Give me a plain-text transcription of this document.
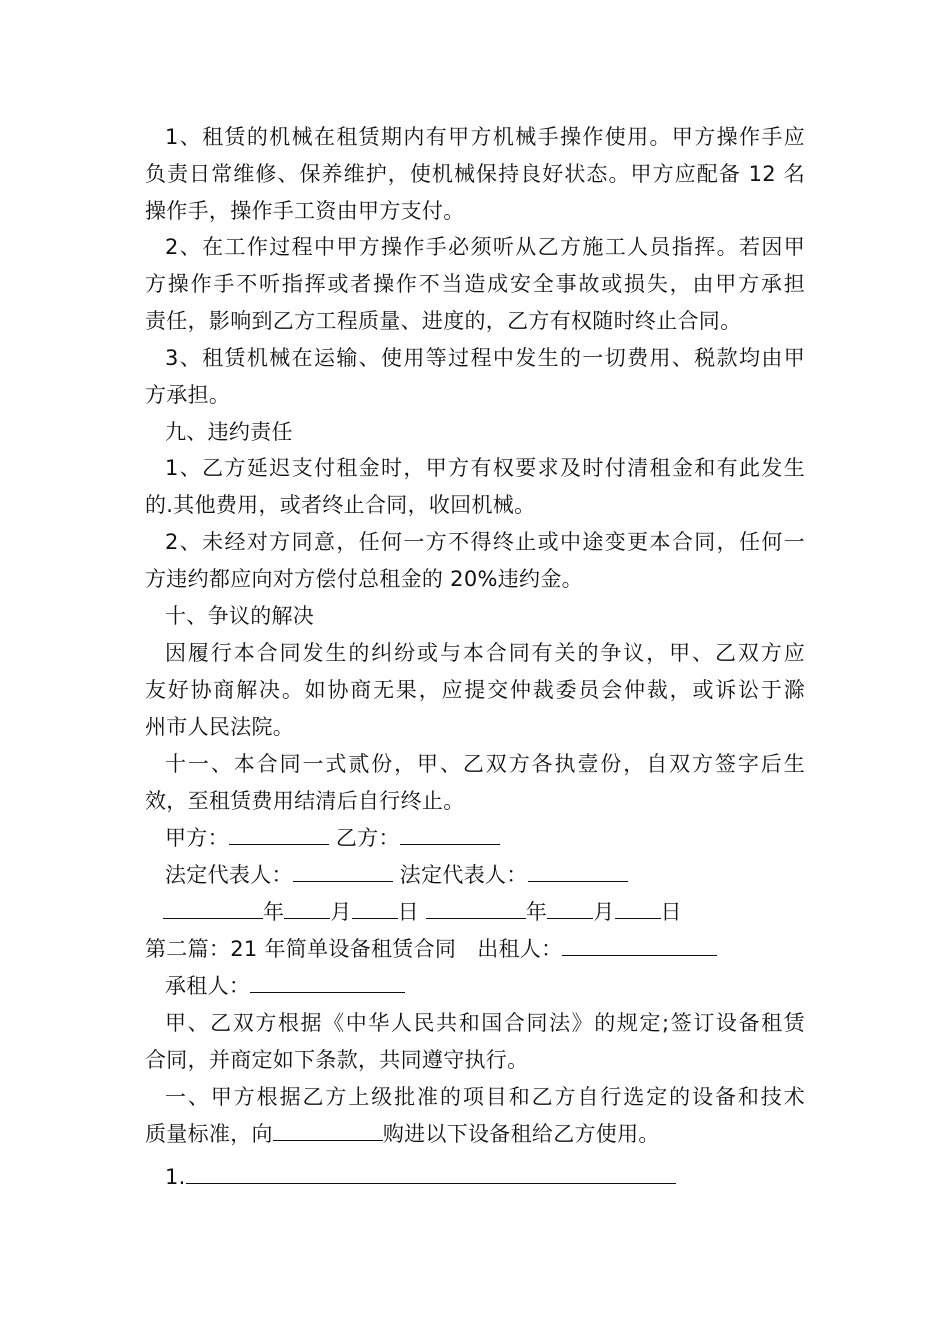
1、租赁的机械在租赁期内有甲方机械手操作使用。甲方操作手应
负责日常维修、保养维护，使机械保持良好状态。甲方应配备 12 名
操作手，操作手工资由甲方支付。
2、在工作过程中甲方操作手必须听从乙方施工人员指挥。若因甲
方操作手不听指挥或者操作不当造成安全事故或损失，由甲方承担
责任，影响到乙方工程质量、进度的，乙方有权随时终止合同。
3、租赁机械在运输、使用等过程中发生的一切费用、税款均由甲
方承担。
九、违约责任
1、乙方延迟支付租金时，甲方有权要求及时付清租金和有此发生
的.其他费用，或者终止合同，收回机械。
2、未经对方同意，任何一方不得终止或中途变更本合同，任何一
方违约都应向对方偿付总租金的 20%违约金。
十、争议的解决
因履行本合同发生的纠纷或与本合同有关的争议，甲、乙双方应
友好协商解决。如协商无果，应提交仲裁委员会仲裁，或诉讼于滁
州市人民法院。
十一、本合同一式贰份，甲、乙双方各执壹份，自双方签字后生
效，至租赁费用结清后自行终止。
甲方：	乙方：
法定代表人：	法定代表人：
年 月 日	年 月 日
第二篇：21 年简单设备租赁合同 出租人：
承租人：
甲、乙双方根据《中华人民共和国合同法》的规定;签订设备租赁
合同，并商定如下条款，共同遵守执行。
一、甲方根据乙方上级批准的项目和乙方自行选定的设备和技术
质量标准，向	购进以下设备租给乙方使用。
1.
